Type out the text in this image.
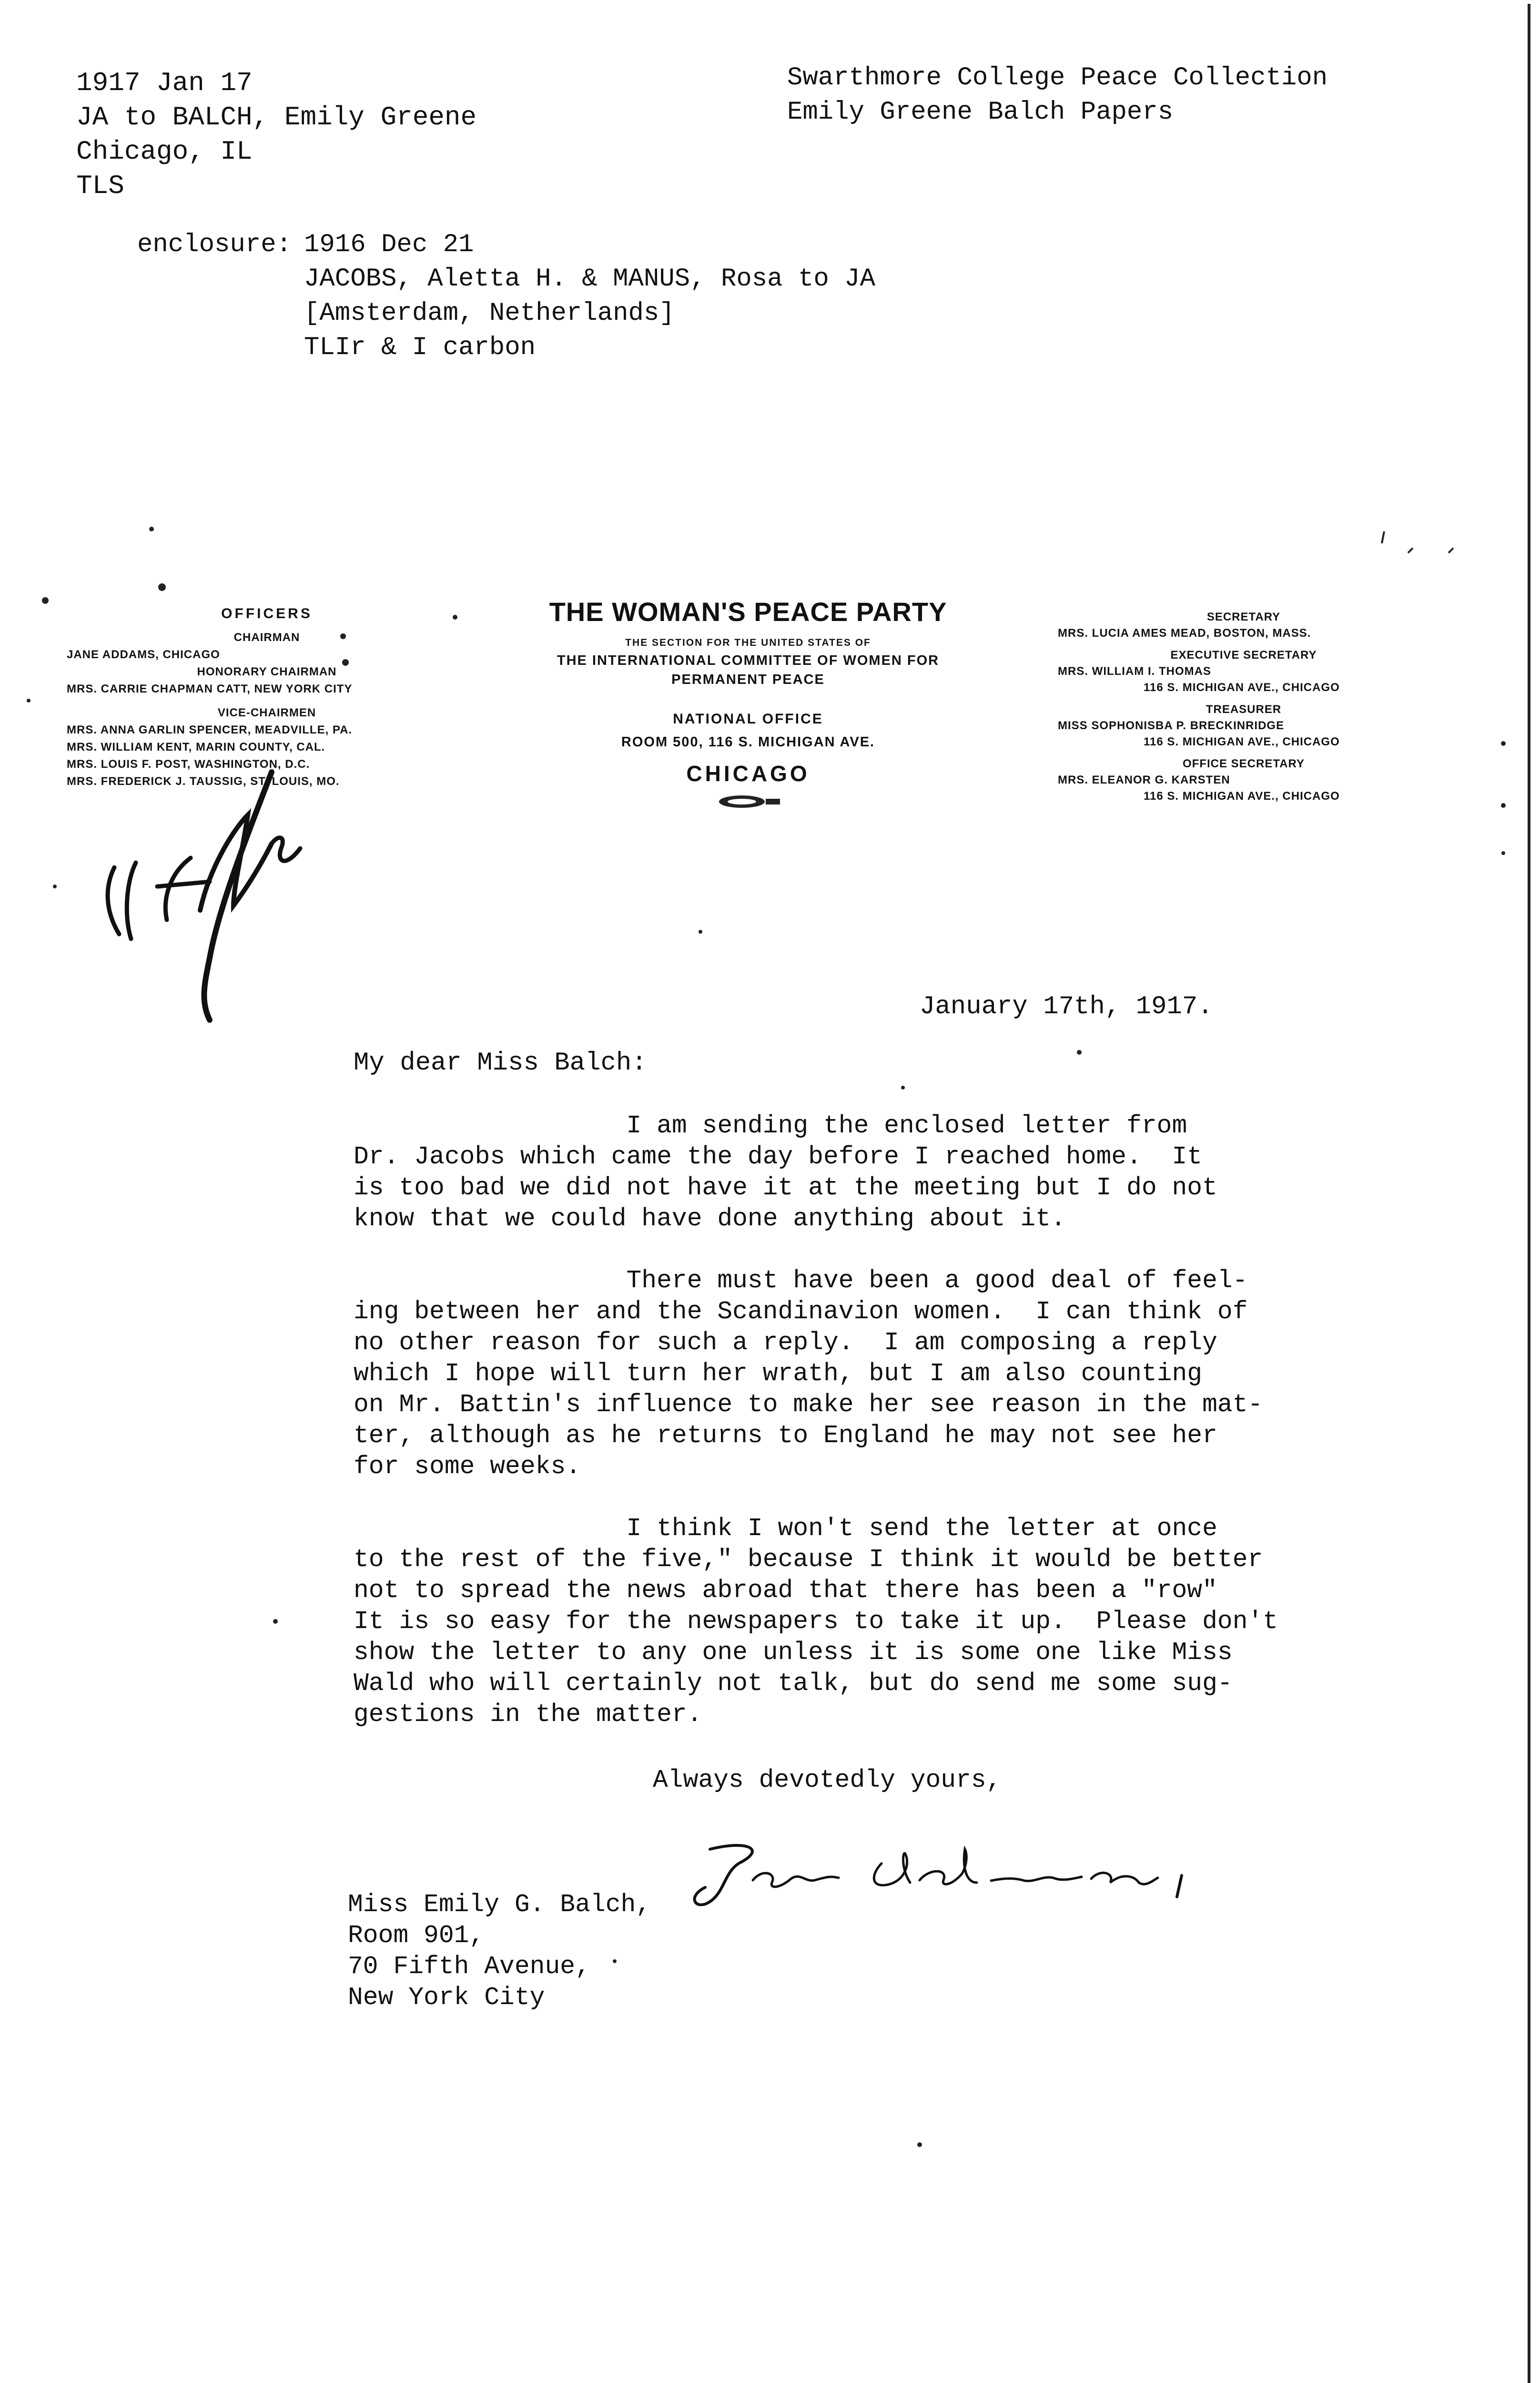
1917 Jan 17
JA to BALCH, Emily Greene
Chicago, IL
TLS
Swarthmore College Peace Collection
Emily Greene Balch Papers
enclosure: 1916 Dec 21
JACOBS, Aletta H. & MANUS, Rosa to JA
[Amsterdam, Netherlands]
TLIr & I carbon
OFFICERS
CHAIRMAN
JANE ADDAMS, CHICAGO
HONORARY CHAIRMAN
MRS. CARRIE CHAPMAN CATT, NEW YORK CITY
VICE-CHAIRMEN
MRS. ANNA GARLIN SPENCER, MEADVILLE, PA.
MRS. WILLIAM KENT, MARIN COUNTY, CAL.
MRS. LOUIS F. POST, WASHINGTON, D.C.
MRS. FREDERICK J. TAUSSIG, ST. LOUIS, MO.
THE WOMAN'S PEACE PARTY
THE SECTION FOR THE UNITED STATES OF
THE INTERNATIONAL COMMITTEE OF WOMEN FOR
PERMANENT PEACE
NATIONAL OFFICE
ROOM 500, 116 S. MICHIGAN AVE.
CHICAGO
SECRETARY
MRS. LUCIA AMES MEAD, BOSTON, MASS.
EXECUTIVE SECRETARY
MRS. WILLIAM I. THOMAS
116 S. MICHIGAN AVE., CHICAGO
TREASURER
MISS SOPHONISBA P. BRECKINRIDGE
116 S. MICHIGAN AVE., CHICAGO
OFFICE SECRETARY
MRS. ELEANOR G. KARSTEN
116 S. MICHIGAN AVE., CHICAGO
January 17th, 1917.
My dear Miss Balch:
I am sending the enclosed letter from
Dr. Jacobs which came the day before I reached home.  It
is too bad we did not have it at the meeting but I do not
know that we could have done anything about it.
There must have been a good deal of feel-
ing between her and the Scandinavion women.  I can think of
no other reason for such a reply.  I am composing a reply
which I hope will turn her wrath, but I am also counting
on Mr. Battin's influence to make her see reason in the mat-
ter, although as he returns to England he may not see her
for some weeks.
I think I won't send the letter at once
to the rest of the five," because I think it would be better
not to spread the news abroad that there has been a "row"
It is so easy for the newspapers to take it up.  Please don't
show the letter to any one unless it is some one like Miss
Wald who will certainly not talk, but do send me some sug-
gestions in the matter.
Always devotedly yours,
Miss Emily G. Balch,
Room 901,
70 Fifth Avenue,
New York City
